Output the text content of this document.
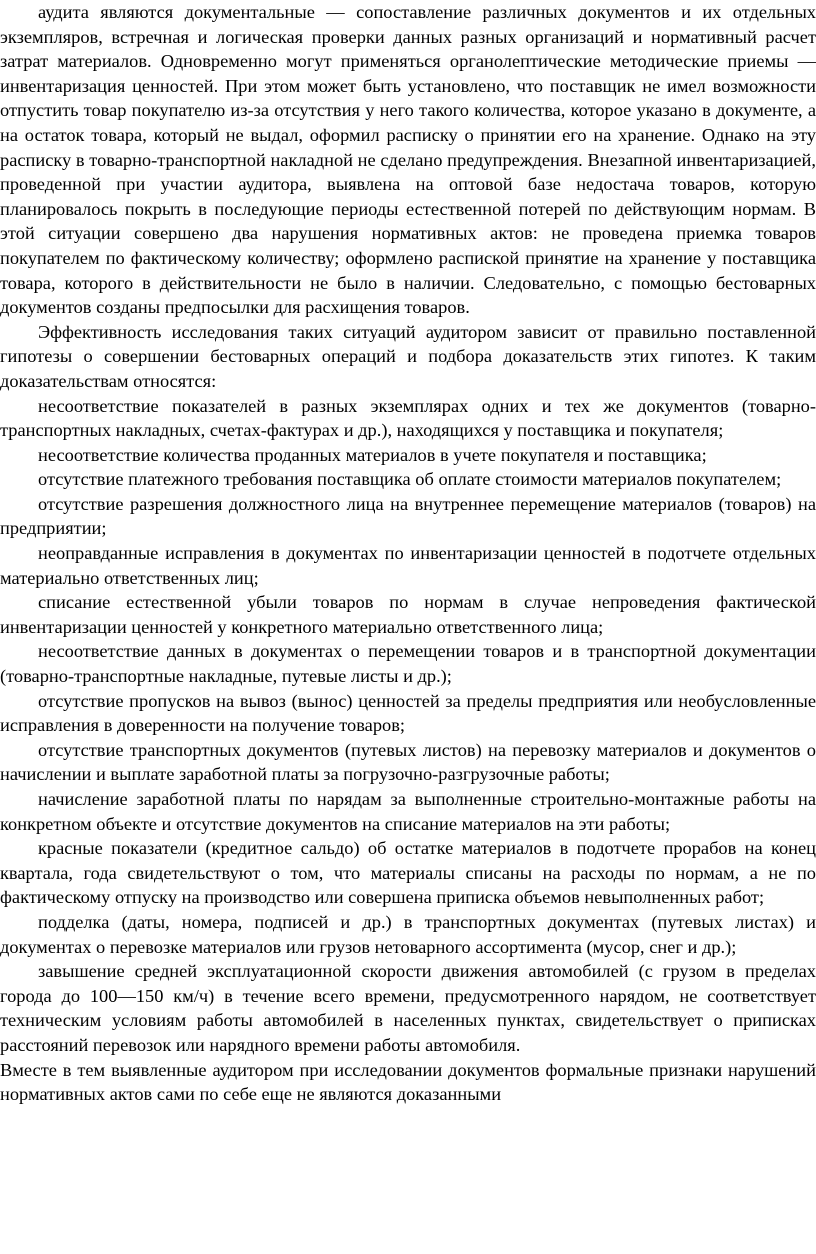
аудита являются документальные — сопоставление различных документов и их отдельных экземпляров, встречная и логическая проверки данных разных организаций и нормативный расчет затрат материалов. Одновременно могут применяться органолептические методические приемы — инвентаризация ценностей. При этом может быть установлено, что поставщик не имел возможности отпустить товар покупателю из-за отсутствия у него такого количества, которое указано в документе, а на остаток товара, который не выдал, оформил расписку о принятии его на хранение. Однако на эту расписку в товарно-транспортной накладной не сделано предупреждения. Внезапной инвентаризацией, проведенной при участии аудитора, выявлена на оптовой базе недостача товаров, которую планировалось покрыть в последующие периоды естественной потерей по действующим нормам. В этой ситуации совершено два нарушения нормативных актов: не проведена приемка товаров покупателем по фактическому количеству; оформлено распиской принятие на хранение у поставщика товара, которого в действительности не было в наличии. Следовательно, с помощью бестоварных документов созданы предпосылки для расхищения товаров.

Эффективность исследования таких ситуаций аудитором зависит от правильно поставленной гипотезы о совершении бестоварных операций и подбора доказательств этих гипотез. К таким доказательствам относятся:

несоответствие показателей в разных экземплярах одних и тех же документов (товарно-транспортных накладных, счетах-фактурах и др.), находящихся у поставщика и покупателя;

несоответствие количества проданных материалов в учете покупателя и поставщика;

отсутствие платежного требования поставщика об оплате стоимости материалов покупателем;

отсутствие разрешения должностного лица на внутреннее перемещение материалов (товаров) на предприятии;

неоправданные исправления в документах по инвентаризации ценностей в подотчете отдельных материально ответственных лиц;

списание естественной убыли товаров по нормам в случае непроведения фактической инвентаризации ценностей у конкретного материально ответственного лица;

несоответствие данных в документах о перемещении товаров и в транспортной документации (товарно-транспортные накладные, путевые листы и др.);

отсутствие пропусков на вывоз (вынос) ценностей за пределы предприятия или необусловленные исправления в доверенности на получение товаров;

отсутствие транспортных документов (путевых листов) на перевозку материалов и документов о начислении и выплате заработной платы за погрузочно-разгрузочные работы;

начисление заработной платы по нарядам за выполненные строительно-монтажные работы на конкретном объекте и отсутствие документов на списание материалов на эти работы;

красные показатели (кредитное сальдо) об остатке материалов в подотчете прорабов на конец квартала, года свидетельствуют о том, что материалы списаны на расходы по нормам, а не по фактическому отпуску на производство или совершена приписка объемов невыполненных работ;

подделка (даты, номера, подписей и др.) в транспортных документах (путевых листах) и документах о перевозке материалов или грузов нетоварного ассортимента (мусор, снег и др.);

завышение средней эксплуатационной скорости движения автомобилей (с грузом в пределах города до 100—150 км/ч) в течение всего времени, предусмотренного нарядом, не соответствует техническим условиям работы автомобилей в населенных пунктах, свидетельствует о приписках расстояний перевозок или нарядного времени работы автомобиля.

Вместе в тем выявленные аудитором при исследовании документов формальные признаки нарушений нормативных актов сами по себе еще не являются доказанными
